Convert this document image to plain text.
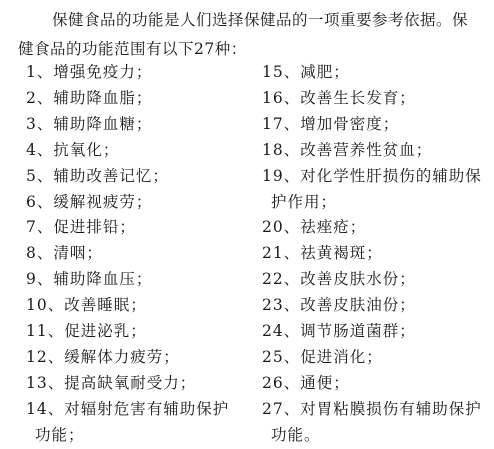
保健食品的功能是人们选择保健品的一项重要参考依据。保
健食品的功能范围有以下27种：

1、增强免疫力；
2、辅助降血脂；
3、辅助降血糖；
4、抗氧化；
5、辅助改善记忆；
6、缓解视疲劳；
7、促进排铅；
8、清咽；
9、辅助降血压；
10、改善睡眠；
11、促进泌乳；
12、缓解体力疲劳；
13、提高缺氧耐受力；
14、对辐射危害有辅助保护
功能；
15、减肥；
16、改善生长发育；
17、增加骨密度；
18、改善营养性贫血；
19、对化学性肝损伤的辅助保
护作用；
20、祛痤疮；
21、祛黄褐斑；
22、改善皮肤水份；
23、改善皮肤油份；
24、调节肠道菌群；
25、促进消化；
26、通便；
27、对胃粘膜损伤有辅助保护
功能。
